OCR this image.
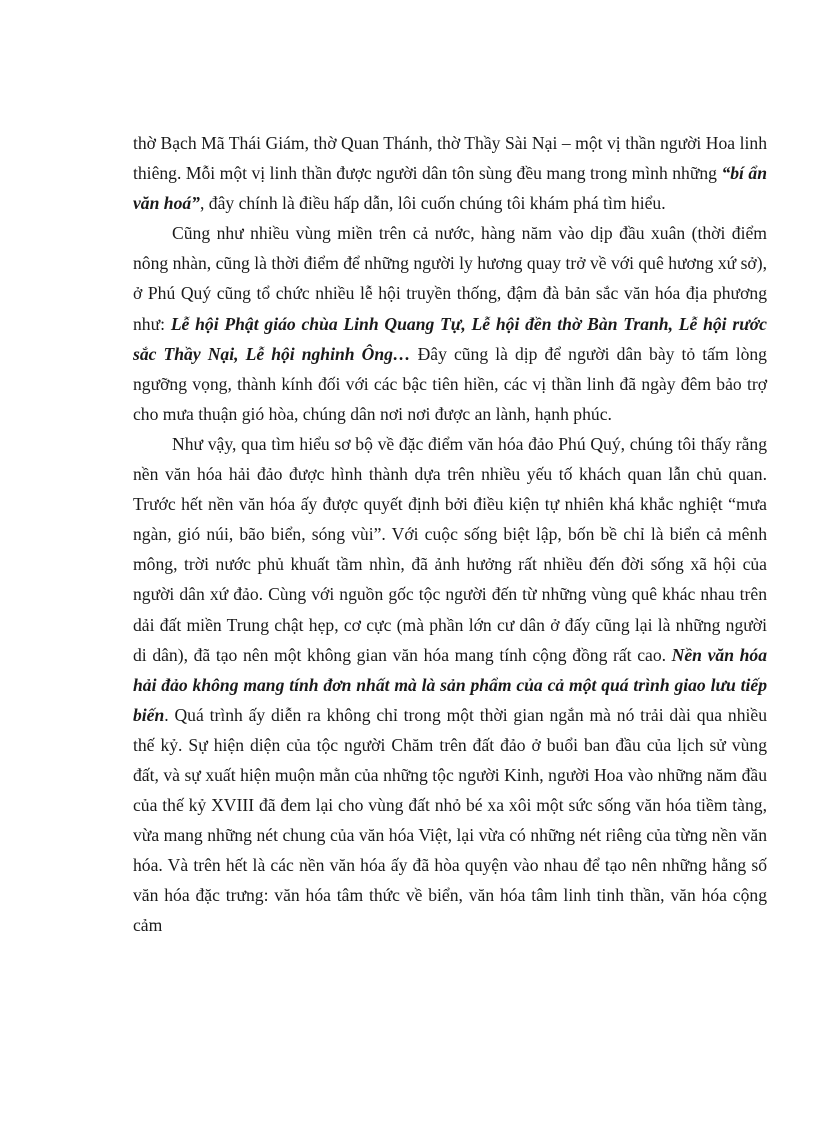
thờ Bạch Mã Thái Giám, thờ Quan Thánh, thờ Thầy Sài Nại – một vị thần người Hoa linh thiêng. Mỗi một vị linh thần được người dân tôn sùng đều mang trong mình những “bí ẩn văn hoá”, đây chính là điều hấp dẫn, lôi cuốn chúng tôi khám phá tìm hiểu.

Cũng như nhiều vùng miền trên cả nước, hàng năm vào dịp đầu xuân (thời điểm nông nhàn, cũng là thời điểm để những người ly hương quay trở về với quê hương xứ sở), ở Phú Quý cũng tổ chức nhiều lễ hội truyền thống, đậm đà bản sắc văn hóa địa phương như: Lễ hội Phật giáo chùa Linh Quang Tự, Lễ hội đền thờ Bàn Tranh, Lễ hội rước sắc Thầy Nại, Lễ hội nghinh Ông… Đây cũng là dịp để người dân bày tỏ tấm lòng ngưỡng vọng, thành kính đối với các bậc tiên hiền, các vị thần linh đã ngày đêm bảo trợ cho mưa thuận gió hòa, chúng dân nơi nơi được an lành, hạnh phúc.

Như vậy, qua tìm hiểu sơ bộ về đặc điểm văn hóa đảo Phú Quý, chúng tôi thấy rằng nền văn hóa hải đảo được hình thành dựa trên nhiều yếu tố khách quan lẫn chủ quan. Trước hết nền văn hóa ấy được quyết định bởi điều kiện tự nhiên khá khắc nghiệt “mưa ngàn, gió núi, bão biển, sóng vùi”. Với cuộc sống biệt lập, bốn bề chỉ là biển cả mênh mông, trời nước phủ khuất tầm nhìn, đã ảnh hưởng rất nhiều đến đời sống xã hội của người dân xứ đảo. Cùng với nguồn gốc tộc người đến từ những vùng quê khác nhau trên dải đất miền Trung chật hẹp, cơ cực (mà phần lớn cư dân ở đấy cũng lại là những người di dân), đã tạo nên một không gian văn hóa mang tính cộng đồng rất cao. Nền văn hóa hải đảo không mang tính đơn nhất mà là sản phẩm của cả một quá trình giao lưu tiếp biến. Quá trình ấy diễn ra không chỉ trong một thời gian ngắn mà nó trải dài qua nhiều thế kỷ. Sự hiện diện của tộc người Chăm trên đất đảo ở buổi ban đầu của lịch sử vùng đất, và sự xuất hiện muộn mằn của những tộc người Kinh, người Hoa vào những năm đầu của thế kỷ XVIII đã đem lại cho vùng đất nhỏ bé xa xôi một sức sống văn hóa tiềm tàng, vừa mang những nét chung của văn hóa Việt, lại vừa có những nét riêng của từng nền văn hóa. Và trên hết là các nền văn hóa ấy đã hòa quyện vào nhau để tạo nên những hằng số văn hóa đặc trưng: văn hóa tâm thức về biển, văn hóa tâm linh tinh thần, văn hóa cộng cảm
